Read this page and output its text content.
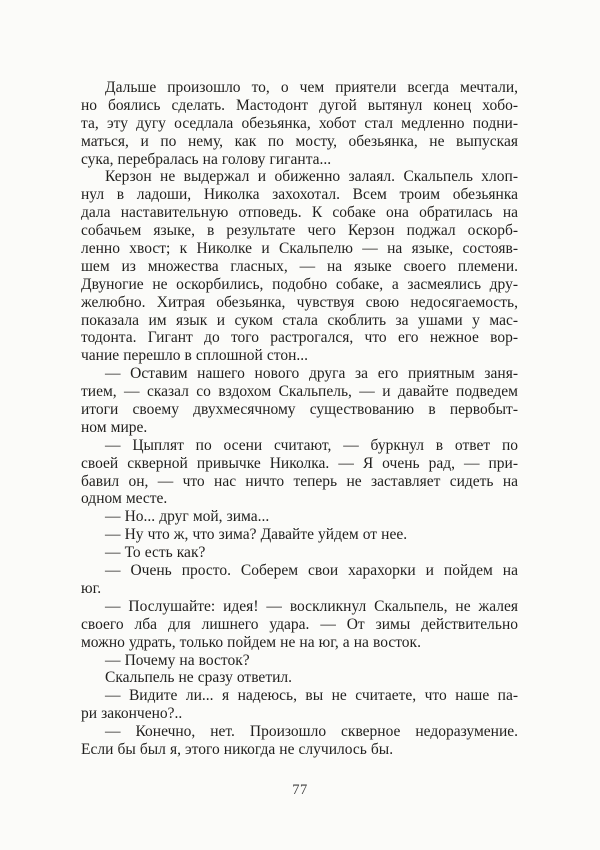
Дальше произошло то, о чем приятели всегда мечтали,
но боялись сделать. Мастодонт дугой вытянул конец хобо-
та, эту дугу оседлала обезьянка, хобот стал медленно подни-
маться, и по нему, как по мосту, обезьянка, не выпуская
сука, перебралась на голову гиганта...
Керзон не выдержал и обиженно залаял. Скальпель хлоп-
нул в ладоши, Николка захохотал. Всем троим обезьянка
дала наставительную отповедь. К собаке она обратилась на
собачьем языке, в результате чего Керзон поджал оскорб-
ленно хвост; к Николке и Скальпелю — на языке, состояв-
шем из множества гласных, — на языке своего племени.
Двуногие не оскорбились, подобно собаке, а засмеялись дру-
желюбно. Хитрая обезьянка, чувствуя свою недосягаемость,
показала им язык и суком стала скоблить за ушами у мас-
тодонта. Гигант до того растрогался, что его нежное вор-
чание перешло в сплошной стон...
— Оставим нашего нового друга за его приятным заня-
тием, — сказал со вздохом Скальпель, — и давайте подведем
итоги своему двухмесячному существованию в первобыт-
ном мире.
— Цыплят по осени считают, — буркнул в ответ по
своей скверной привычке Николка. — Я очень рад, — при-
бавил он, — что нас ничто теперь не заставляет сидеть на
одном месте.
— Но... друг мой, зима...
— Ну что ж, что зима? Давайте уйдем от нее.
— То есть как?
— Очень просто. Соберем свои харахорки и пойдем на
юг.
— Послушайте: идея! — воскликнул Скальпель, не жалея
своего лба для лишнего удара. — От зимы действительно
можно удрать, только пойдем не на юг, а на восток.
— Почему на восток?
Скальпель не сразу ответил.
— Видите ли... я надеюсь, вы не считаете, что наше па-
ри закончено?..
— Конечно, нет. Произошло скверное недоразумение.
Если бы был я, этого никогда не случилось бы.
77
